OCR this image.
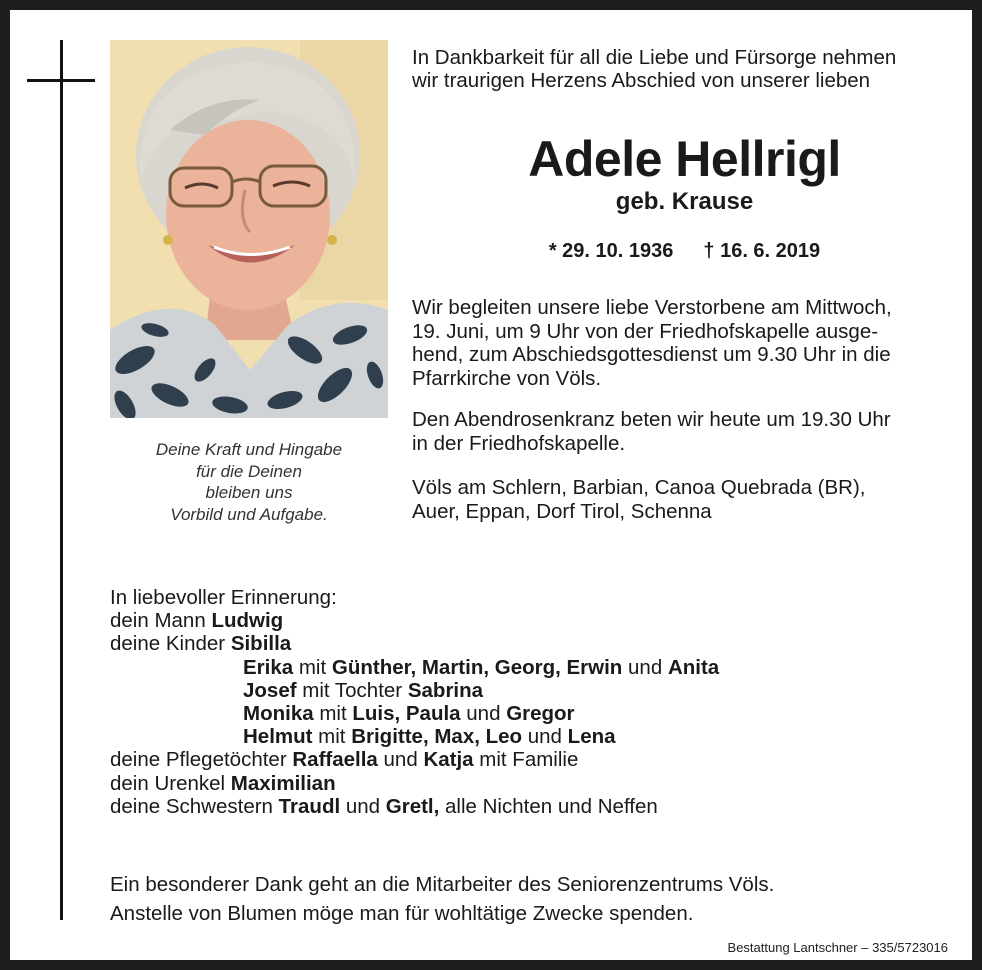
Deine Kraft und Hingabe
für die Deinen
bleiben uns
Vorbild und Aufgabe.
In Dankbarkeit für all die Liebe und Fürsorge nehmen
wir traurigen Herzens Abschied von unserer lieben
Adele Hellrigl
geb. Krause
* 29. 10. 1936 † 16. 6. 2019
Wir begleiten unsere liebe Verstorbene am Mittwoch,
19. Juni, um 9 Uhr von der Friedhofskapelle ausge-
hend, zum Abschiedsgottesdienst um 9.30 Uhr in die
Pfarrkirche von Völs.
Den Abendrosenkranz beten wir heute um 19.30 Uhr
in der Friedhofskapelle.
Völs am Schlern, Barbian, Canoa Quebrada (BR),
Auer, Eppan, Dorf Tirol, Schenna
In liebevoller Erinnerung:
dein Mann Ludwig
deine Kinder Sibilla
Erika mit Günther, Martin, Georg, Erwin und Anita
Josef mit Tochter Sabrina
Monika mit Luis, Paula und Gregor
Helmut mit Brigitte, Max, Leo und Lena
deine Pflegetöchter Raffaella und Katja mit Familie
dein Urenkel Maximilian
deine Schwestern Traudl und Gretl, alle Nichten und Neffen
Ein besonderer Dank geht an die Mitarbeiter des Seniorenzentrums Völs.
Anstelle von Blumen möge man für wohltätige Zwecke spenden.
Bestattung Lantschner – 335/5723016
